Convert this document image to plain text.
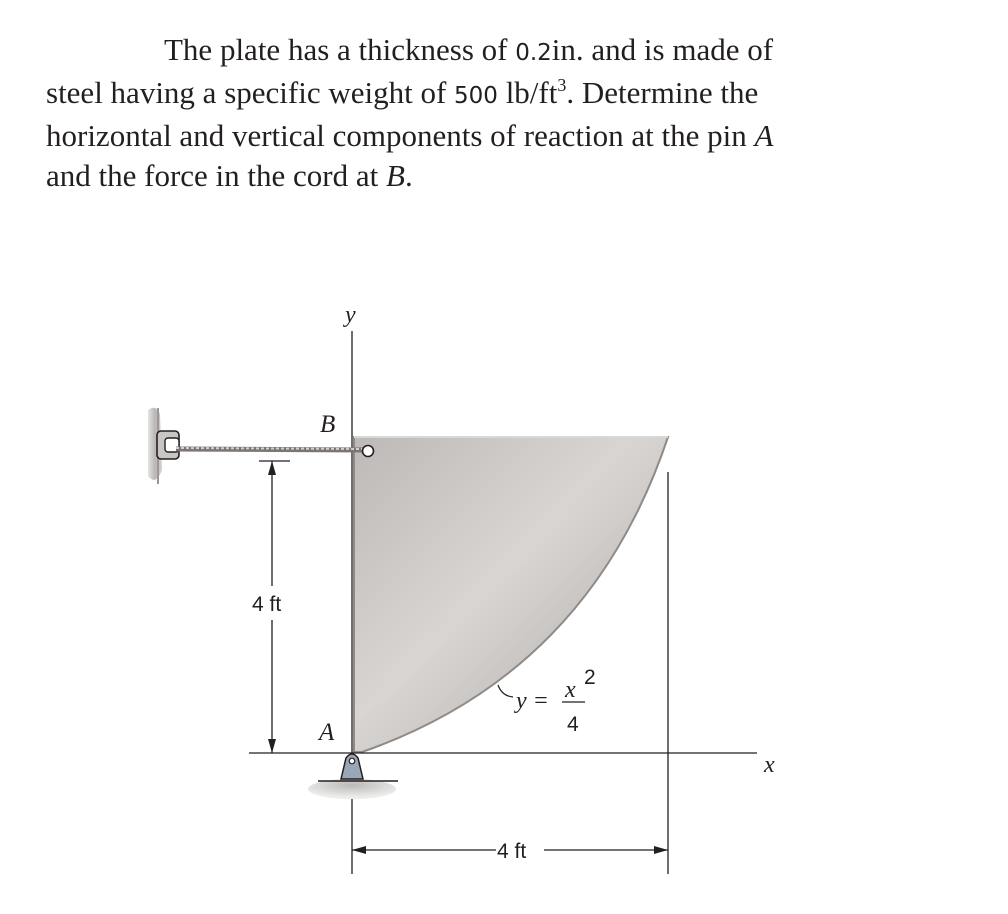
The plate has a thickness of 0.2in. and is made of
steel having a specific weight of 500 $lb/ft^3$. Determine the
horizontal and vertical components of reaction at the pin A
and the force in the cord at B.
y
x
4 ft
4 ft
B
A
y = x 2
4
